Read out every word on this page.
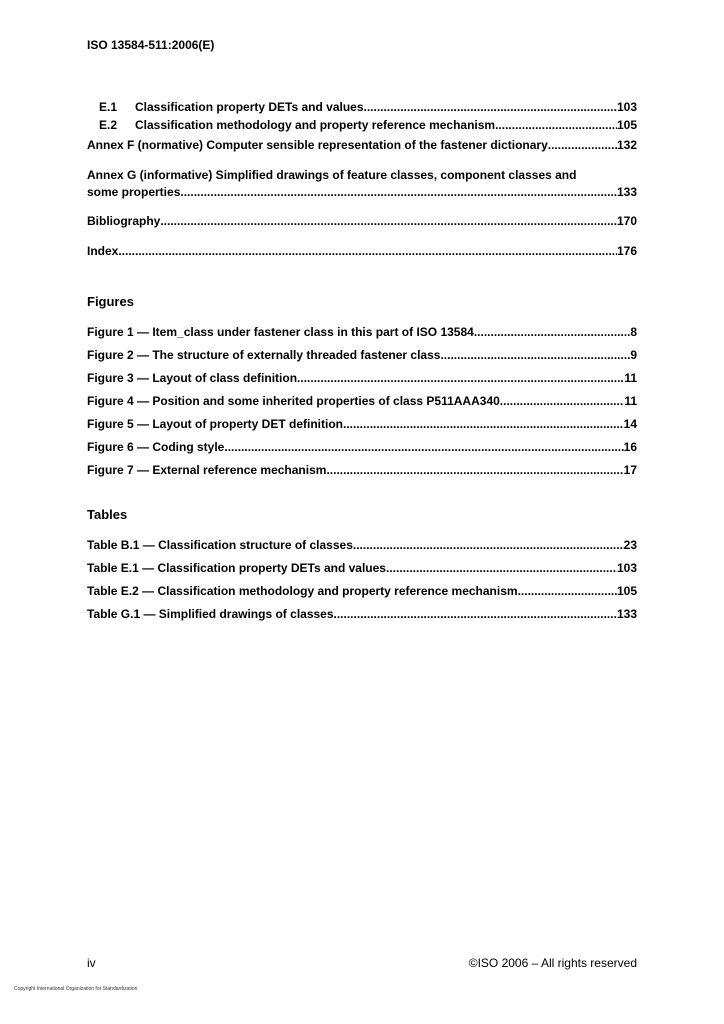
ISO 13584-511:2006(E)
E.1 Classification property DETs and values .....	103
E.2 Classification methodology and property reference mechanism .....	105
Annex F (normative) Computer sensible representation of the fastener dictionary .....	132
Annex G (informative) Simplified drawings of feature classes, component classes and
some properties .....	133
Bibliography .....	170
Index .....	176
Figures
Figure 1 — Item_class under fastener class in this part of ISO 13584 .....	8
Figure 2 — The structure of externally threaded fastener class .....	9
Figure 3 — Layout of class definition .....	11
Figure 4 — Position and some inherited properties of class P511AAA340 .....	11
Figure 5 — Layout of property DET definition .....	14
Figure 6 — Coding style .....	16
Figure 7 — External reference mechanism .....	17
Tables
Table B.1 — Classification structure of classes .....	23
Table E.1 — Classification property DETs and values .....	103
Table E.2 — Classification methodology and property reference mechanism .....	105
Table G.1 — Simplified drawings of classes .....	133
iv	©ISO 2006 – All rights reserved
Copyright International Organization for Standardization
